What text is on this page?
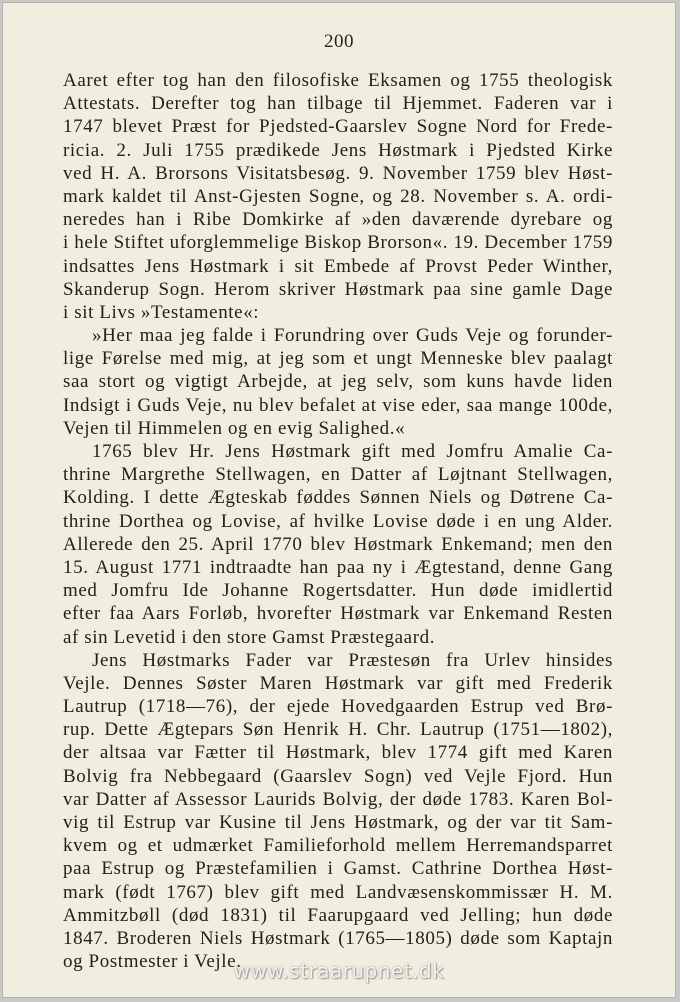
200
Aaret efter tog han den filosofiske Eksamen og 1755 theologisk
Attestats. Derefter tog han tilbage til Hjemmet. Faderen var i
1747 blevet Præst for Pjedsted-Gaarslev Sogne Nord for Frede-
ricia. 2. Juli 1755 prædikede Jens Høstmark i Pjedsted Kirke
ved H. A. Brorsons Visitatsbesøg. 9. November 1759 blev Høst-
mark kaldet til Anst-Gjesten Sogne, og 28. November s. A. ordi-
neredes han i Ribe Domkirke af »den daværende dyrebare og
i hele Stiftet uforglemmelige Biskop Brorson«. 19. December 1759
indsattes Jens Høstmark i sit Embede af Provst Peder Winther,
Skanderup Sogn. Herom skriver Høstmark paa sine gamle Dage
i sit Livs »Testamente«:
»Her maa jeg falde i Forundring over Guds Veje og forunder-
lige Førelse med mig, at jeg som et ungt Menneske blev paalagt
saa stort og vigtigt Arbejde, at jeg selv, som kuns havde liden
Indsigt i Guds Veje, nu blev befalet at vise eder, saa mange 100de,
Vejen til Himmelen og en evig Salighed.«
1765 blev Hr. Jens Høstmark gift med Jomfru Amalie Ca-
thrine Margrethe Stellwagen, en Datter af Løjtnant Stellwagen,
Kolding. I dette Ægteskab føddes Sønnen Niels og Døtrene Ca-
thrine Dorthea og Lovise, af hvilke Lovise døde i en ung Alder.
Allerede den 25. April 1770 blev Høstmark Enkemand; men den
15. August 1771 indtraadte han paa ny i Ægtestand, denne Gang
med Jomfru Ide Johanne Rogertsdatter. Hun døde imidlertid
efter faa Aars Forløb, hvorefter Høstmark var Enkemand Resten
af sin Levetid i den store Gamst Præstegaard.
Jens Høstmarks Fader var Præstesøn fra Urlev hinsides
Vejle. Dennes Søster Maren Høstmark var gift med Frederik
Lautrup (1718—76), der ejede Hovedgaarden Estrup ved Brø-
rup. Dette Ægtepars Søn Henrik H. Chr. Lautrup (1751—1802),
der altsaa var Fætter til Høstmark, blev 1774 gift med Karen
Bolvig fra Nebbegaard (Gaarslev Sogn) ved Vejle Fjord. Hun
var Datter af Assessor Laurids Bolvig, der døde 1783. Karen Bol-
vig til Estrup var Kusine til Jens Høstmark, og der var tit Sam-
kvem og et udmærket Familieforhold mellem Herremandsparret
paa Estrup og Præstefamilien i Gamst. Cathrine Dorthea Høst-
mark (født 1767) blev gift med Landvæsenskommissær H. M.
Ammitzbøll (død 1831) til Faarupgaard ved Jelling; hun døde
1847. Broderen Niels Høstmark (1765—1805) døde som Kaptajn
og Postmester i Vejle.
www.straarupnet.dk
